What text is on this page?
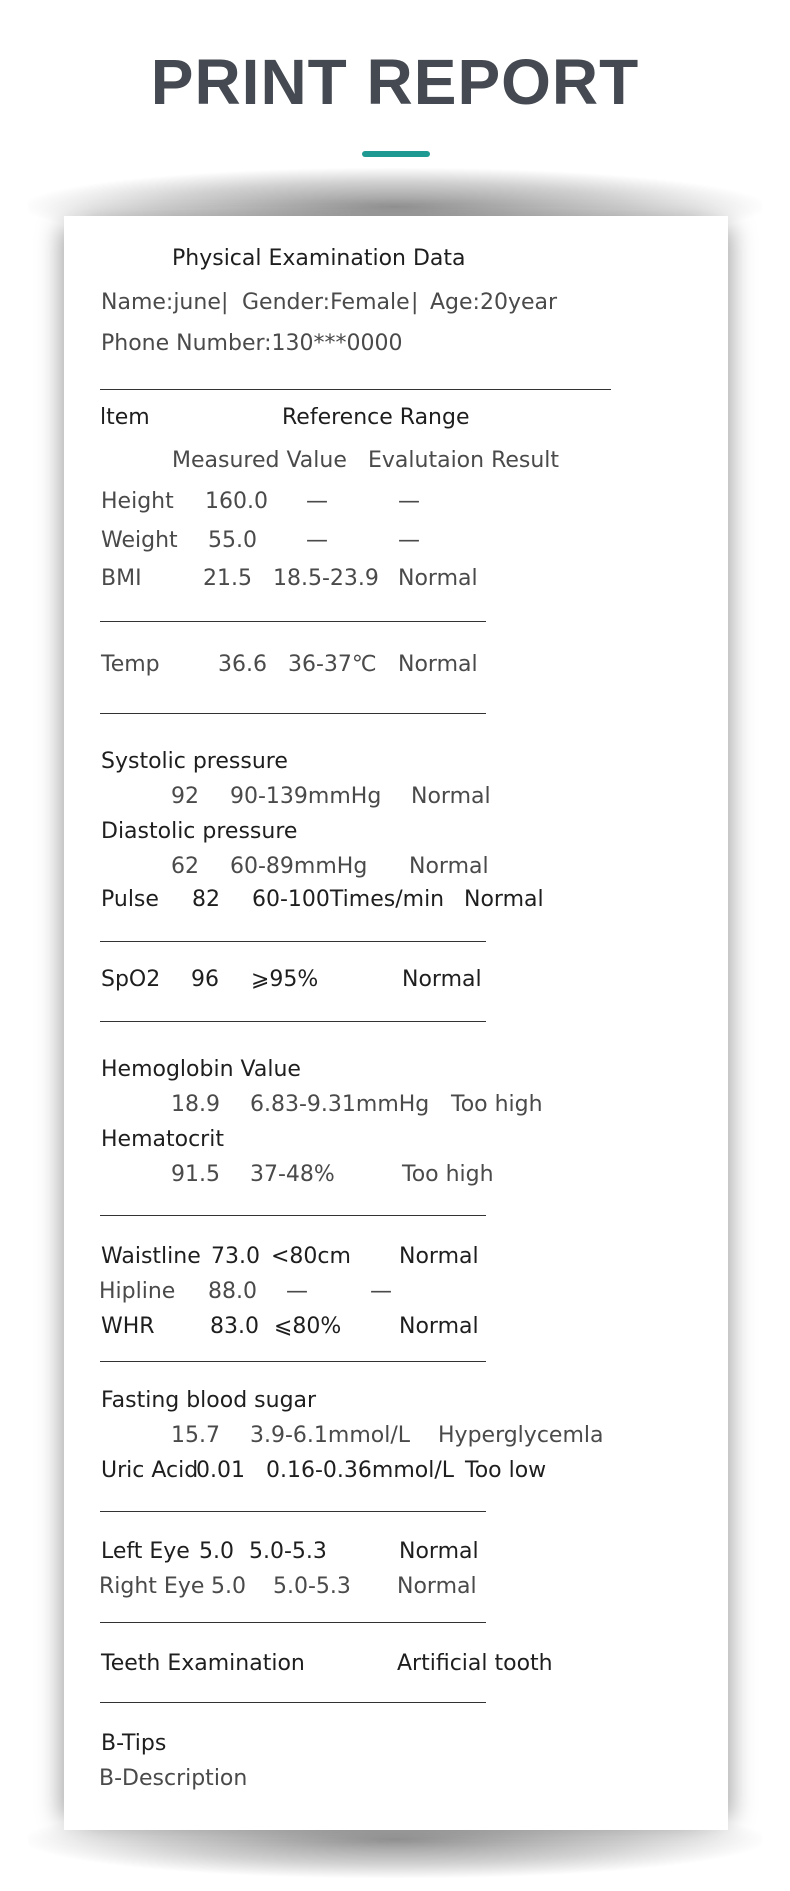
PRINT REPORT
Physical Examination Data
Name:june | Gender:Female | Age:20year
Phone Number:130***0000
ltem	Reference Range
Measured Value Evalutaion Result
Height 160.0 —	—
Weight 55.0 —	—
BMI	21.5 18.5-23.9 Normal
Temp	36.6 36-37℃ Normal
Systolic pressure
92 90-139mmHg Normal
Diastolic pressure
62 60-89mmHg Normal
Pulse 82 60-100Times/min Normal
SpO2 96 ⩾95%	Normal
Hemoglobin Value
18.9 6.83-9.31mmHg Too high
Hematocrit
91.5 37-48%	Too high
Waistline 73.0 <80cm Normal
Hipline 88.0 —	—
WHR	83.0 ⩽80%	Normal
Fasting blood sugar
15.7 3.9-6.1mmol/L Hyperglycemla
Uric Acid
0.01 0.16-0.36mmol/L Too low
Left Eye 5.0 5.0-5.3	Normal
Right Eye 5.0 5.0-5.3 Normal
Teeth Examination	Artificial tooth
B-Tips
B-Description
